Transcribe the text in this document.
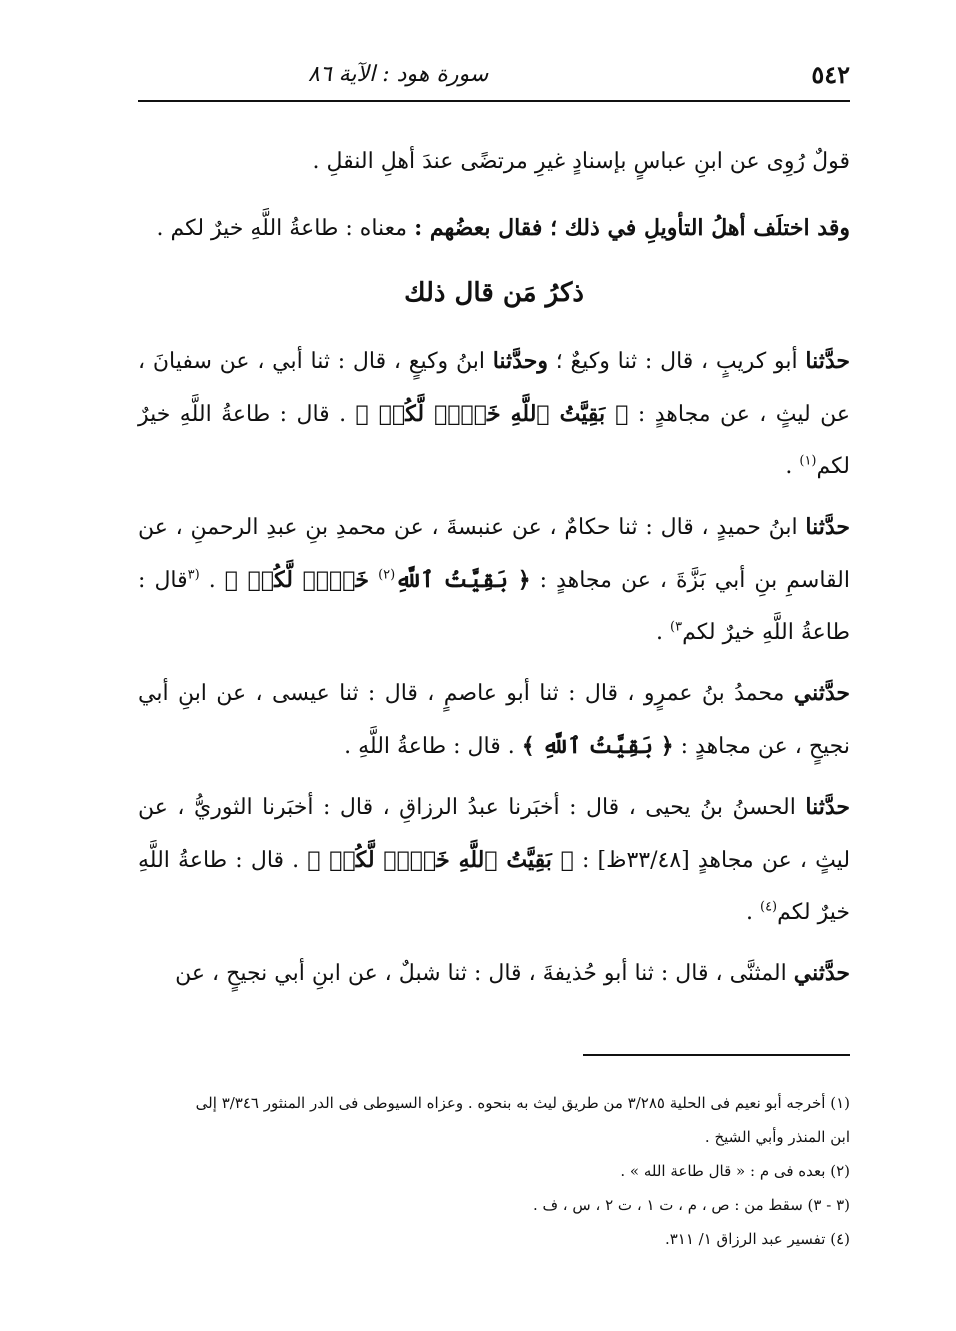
٥٤٢
سورة هود : الآية ٨٦

قولٌ رُوِى عن ابنِ عباسٍ بإسنادٍ غيرِ مرتضًى عندَ أهلِ النقلِ .

وقد اختلَف أهلُ التأويلِ في ذلك ؛ فقال بعضُهم : معناه : طاعةُ اللَّهِ خيرٌ لكم .

ذكرُ مَن قال ذلك

حدَّثنا أبو كريبٍ ، قال : ثنا وكيعٌ ؛ وحدَّثنا ابنُ وكيعٍ ، قال : ثنا أبي ، عن سفيانَ ، عن ليثٍ ، عن مجاهدٍ : ﴿ بَقِيَّتُ ٱللَّهِ خَيۡرٞ لَّكُمۡ ﴾ . قال : طاعةُ اللَّهِ خيرٌ لكم$^{(١)}$ .

حدَّثنا ابنُ حميدٍ ، قال : ثنا حكامٌ ، عن عنبسةَ ، عن محمدِ بنِ عبدِ الرحمنِ ، عن القاسمِ بنِ أبي بَزَّةَ ، عن مجاهدٍ : ﴿ بَقِيَّتُ ٱللَّهِ$^{(٢)}$ خَيۡرٞ لَّكُمۡ ﴾ . $^{(٣}$قال : طاعةُ اللَّهِ خيرٌ لكم$^{٣)}$ .

حدَّثني محمدُ بنُ عمرٍو ، قال : ثنا أبو عاصمٍ ، قال : ثنا عيسى ، عن ابنِ أبي نجيحٍ ، عن مجاهدٍ : ﴿ بَقِيَّتُ ٱللَّهِ ﴾ . قال : طاعةُ اللَّهِ .

حدَّثنا الحسنُ بنُ يحيى ، قال : أخبَرنا عبدُ الرزاقِ ، قال : أخبَرنا الثوريُّ ، عن ليثٍ ، عن مجاهدٍ [٣٣/٤٨ظ] : ﴿ بَقِيَّتُ ٱللَّهِ خَيۡرٞ لَّكُمۡ ﴾ . قال : طاعةُ اللَّهِ خيرٌ لكم$^{(٤)}$ .

حدَّثني المثنَّى ، قال : ثنا أبو حُذيفةَ ، قال : ثنا شبلٌ ، عن ابنِ أبي نجيحٍ ، عن

(١) أخرجه أبو نعيم فى الحلية ٣/٢٨٥ من طريق ليث به بنحوه . وعزاه السيوطى فى الدر المنثور ٣/٣٤٦ إلى

ابن المنذر وأبي الشيخ .

(٢) بعده فى م : « قال طاعة الله » .

(٣ - ٣) سقط من : ص ، م ، ت ١ ، ت ٢ ، س ، ف .

(٤) تفسير عبد الرزاق ١/ ٣١١.
